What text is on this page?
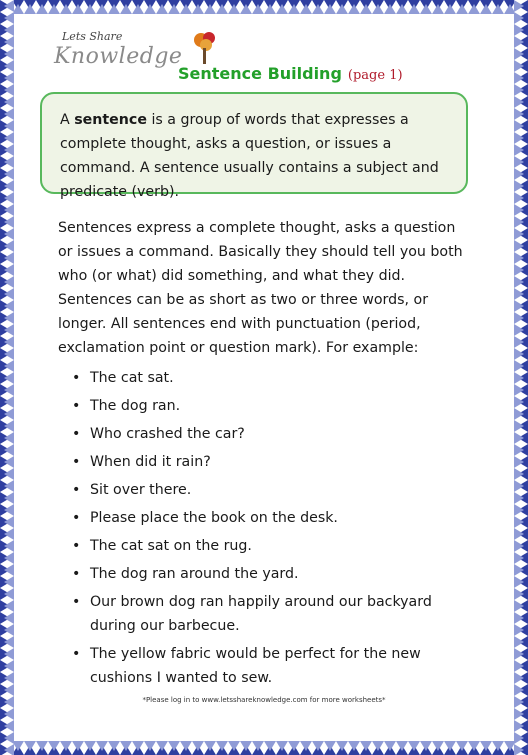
Lets Share
Knowledge
Sentence Building (page 1)
A sentence is a group of words that expresses a complete thought, asks a question, or issues a command. A sentence usually contains a subject and predicate (verb).
Sentences express a complete thought, asks a question or issues a command. Basically they should tell you both who (or what) did something, and what they did. Sentences can be as short as two or three words, or longer. All sentences end with punctuation (period, exclamation point or question mark). For example:
• The cat sat.
• The dog ran.
• Who crashed the car?
• When did it rain?
• Sit over there.
• Please place the book on the desk.
• The cat sat on the rug.
• The dog ran around the yard.
• Our brown dog ran happily around our backyard during our barbecue.
• The yellow fabric would be perfect for the new cushions I wanted to sew.
*Please log in to www.letsshareknowledge.com for more worksheets*
